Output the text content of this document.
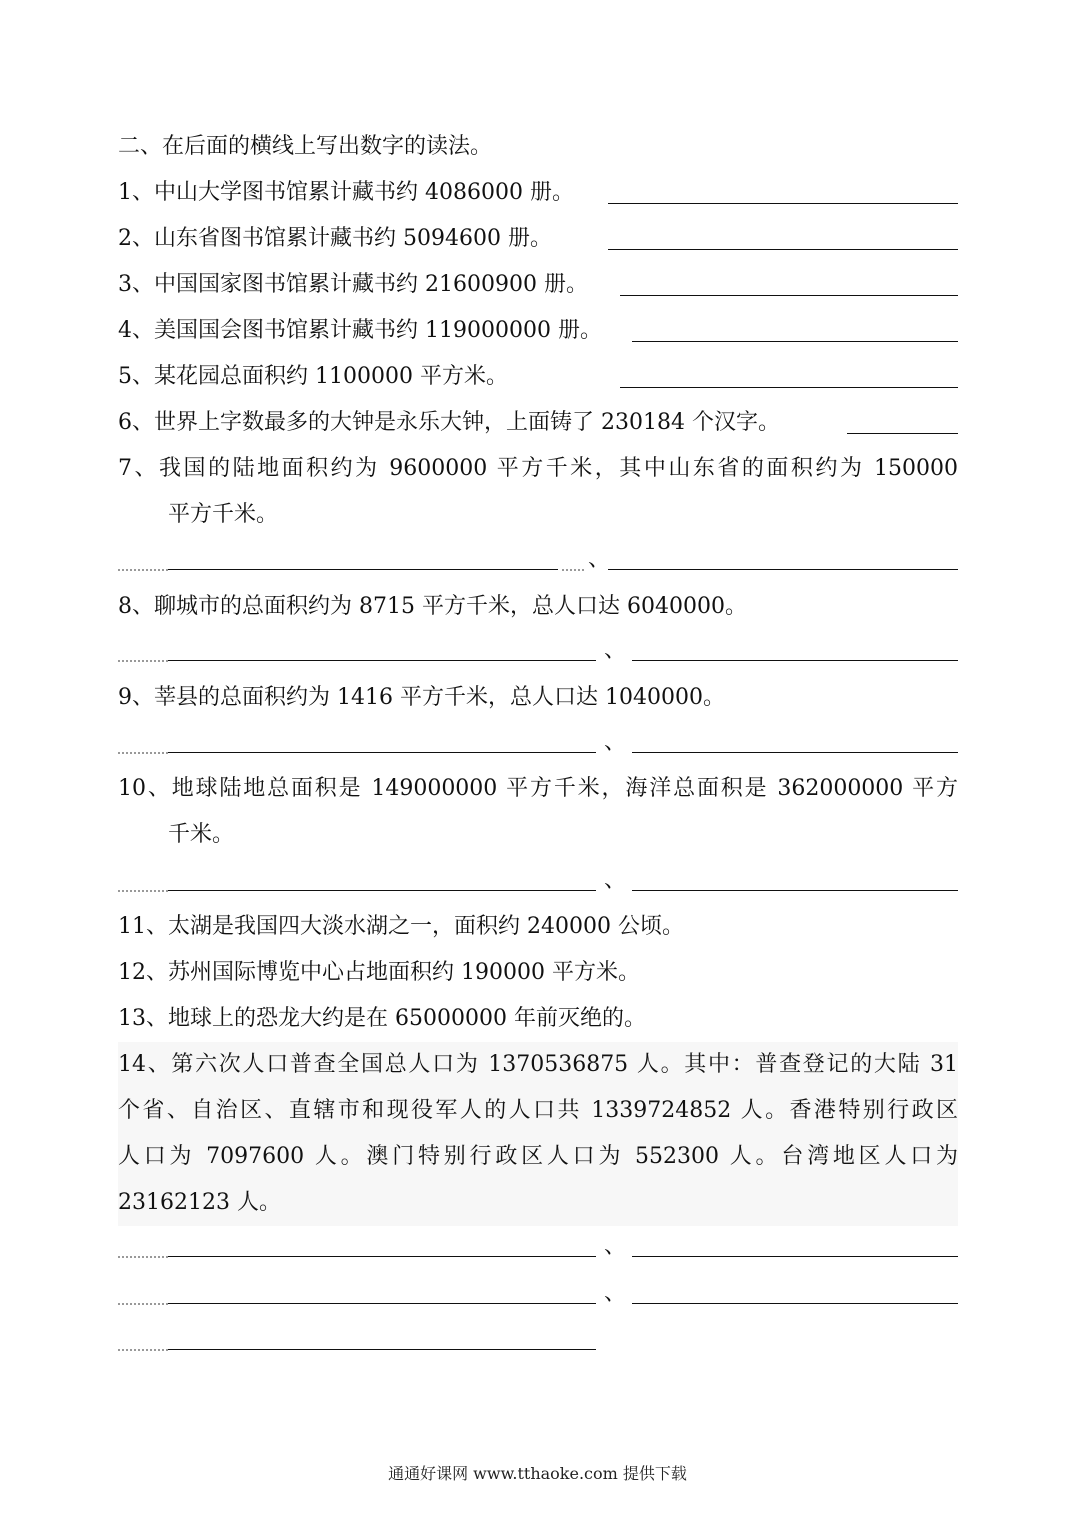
二、在后面的横线上写出数字的读法。
1、中山大学图书馆累计藏书约 4086000 册。
2、山东省图书馆累计藏书约 5094600 册。
3、中国国家图书馆累计藏书约 21600900 册。
4、美国国会图书馆累计藏书约 119000000 册。
5、某花园总面积约 1100000 平方米。
6、世界上字数最多的大钟是永乐大钟，上面铸了 230184 个汉字。
7、我国的陆地面积约为 9600000 平方千米，其中山东省的面积约为 150000
平方千米。
、
8、聊城市的总面积约为 8715 平方千米，总人口达 6040000。
、
9、莘县的总面积约为 1416 平方千米，总人口达 1040000。
、
10、地球陆地总面积是 149000000 平方千米，海洋总面积是 362000000 平方
千米。
、
11、太湖是我国四大淡水湖之一，面积约 240000 公顷。
12、苏州国际博览中心占地面积约 190000 平方米。
13、地球上的恐龙大约是在 65000000 年前灭绝的。
14、第六次人口普查全国总人口为 1370536875 人。其中：普查登记的大陆 31
个省、自治区、直辖市和现役军人的人口共 1339724852 人。香港特别行政区
人口为 7097600 人。澳门特别行政区人口为 552300 人。台湾地区人口为
23162123 人。
、
、
通通好课网 www.tthaoke.com 提供下载
